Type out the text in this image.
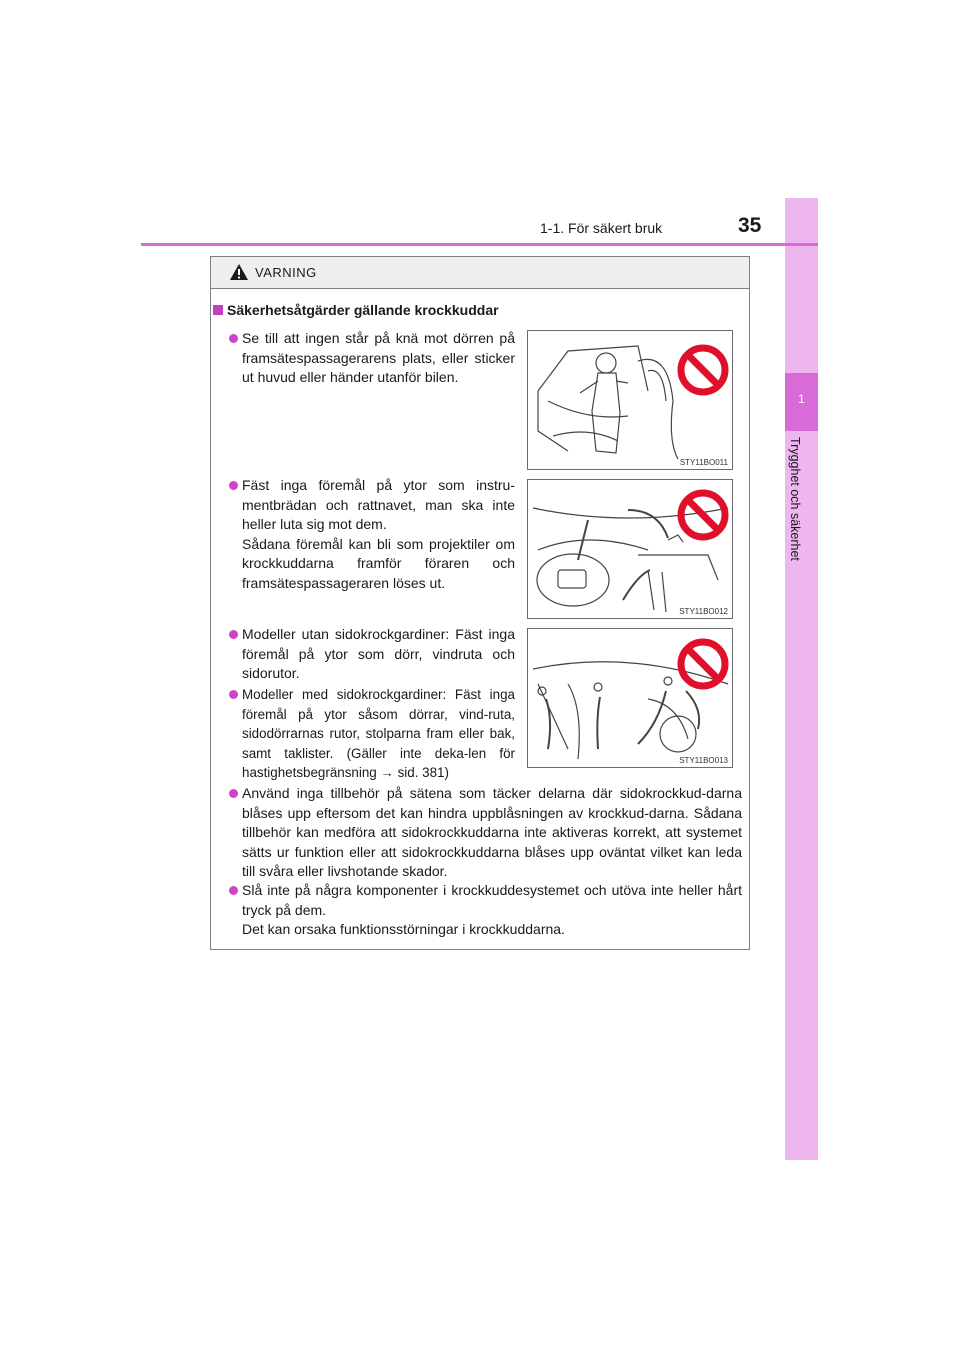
1
Trygghet och säkerhet
1-1. För säkert bruk	35
VARNING
Säkerhetsåtgärder gällande krockkuddar

Se till att ingen står på knä mot dörren på framsätespassagerarens plats, eller sticker ut huvud eller händer utanför bilen.

Fäst inga föremål på ytor som instru-mentbrädan och rattnavet, man ska inte heller luta sig mot dem.

Sådana föremål kan bli som projektiler om krockkuddarna framför föraren och framsätespassageraren löses ut.

Modeller utan sidokrockgardiner: Fäst inga föremål på ytor som dörr, vindruta och sidorutor.

Modeller med sidokrockgardiner: Fäst inga föremål på ytor såsom dörrar, vind-ruta, sidodörrarnas rutor, stolparna fram eller bak, samt taklister. (Gäller inte deka-len för hastighetsbegränsning → sid. 381)

Använd inga tillbehör på sätena som täcker delarna där sidokrockkud-darna blåses upp eftersom det kan hindra uppblåsningen av krockkud-darna. Sådana tillbehör kan medföra att sidokrockkuddarna inte aktiveras korrekt, att systemet sätts ur funktion eller att sidokrockkuddarna blåses upp oväntat vilket kan leda till svåra eller livshotande skador.

Slå inte på några komponenter i krockkuddesystemet och utöva inte heller hårt tryck på dem.

Det kan orsaka funktionsstörningar i krockkuddarna.

STY11BO011
STY11BO012
STY11BO013
